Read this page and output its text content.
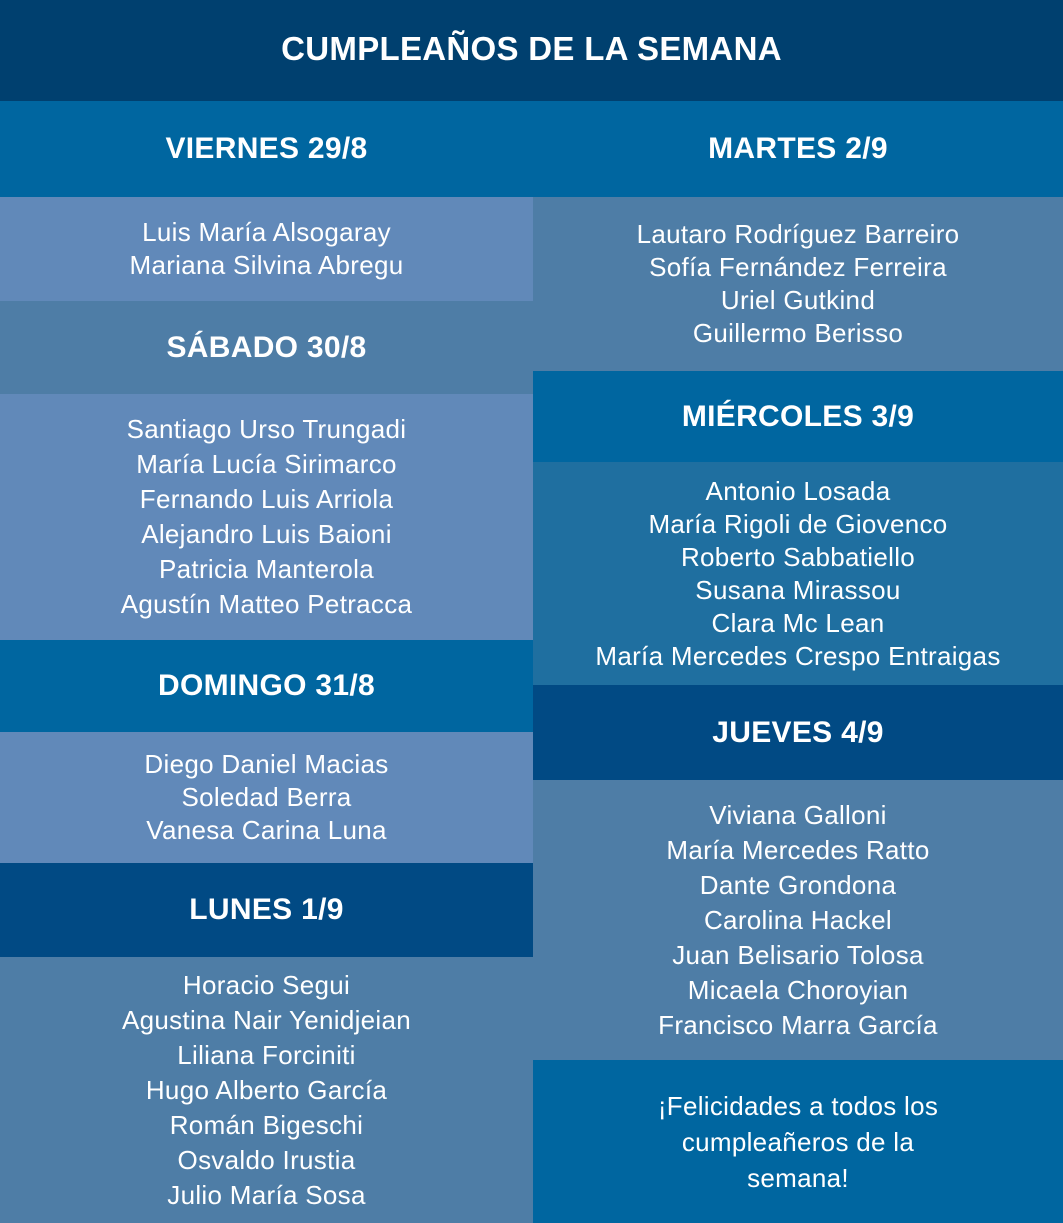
CUMPLEAÑOS DE LA SEMANA
VIERNES 29/8
Luis María Alsogaray
Mariana Silvina Abregu
SÁBADO 30/8
Santiago Urso Trungadi
María Lucía Sirimarco
Fernando Luis Arriola
Alejandro Luis Baioni
Patricia Manterola
Agustín Matteo Petracca
DOMINGO 31/8
Diego Daniel Macias
Soledad Berra
Vanesa Carina Luna
LUNES 1/9
Horacio Segui
Agustina Nair Yenidjeian
Liliana Forciniti
Hugo Alberto García
Román Bigeschi
Osvaldo Irustia
Julio María Sosa
MARTES 2/9
Lautaro Rodríguez Barreiro
Sofía Fernández Ferreira
Uriel Gutkind
Guillermo Berisso
MIÉRCOLES 3/9
Antonio Losada
María Rigoli de Giovenco
Roberto Sabbatiello
Susana Mirassou
Clara Mc Lean
María Mercedes Crespo Entraigas
JUEVES 4/9
Viviana Galloni
María Mercedes Ratto
Dante Grondona
Carolina Hackel
Juan Belisario Tolosa
Micaela Choroyian
Francisco Marra García
¡Felicidades a todos los
cumpleañeros de la
semana!
